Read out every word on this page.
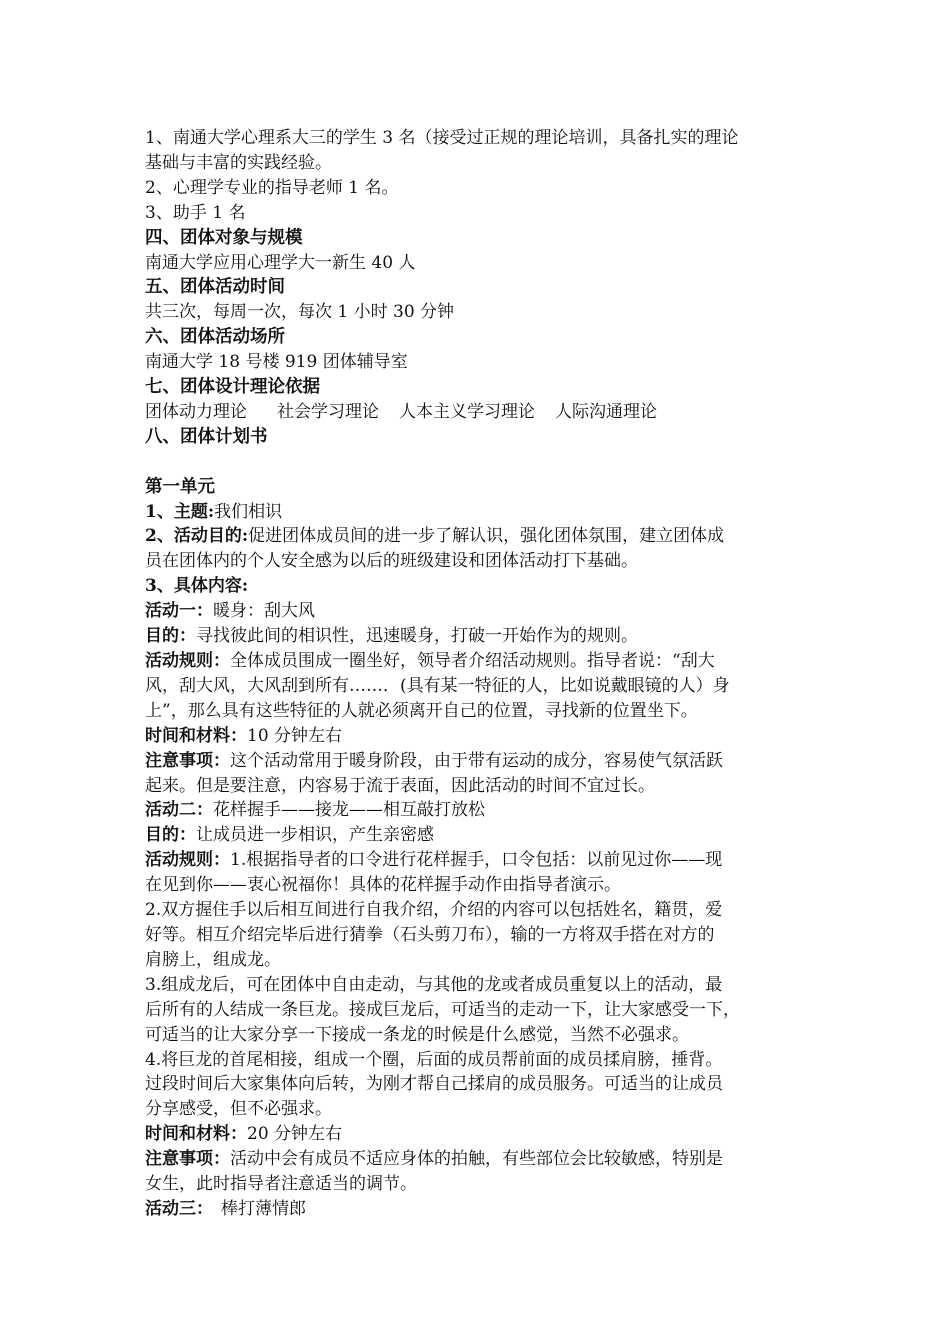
1、南通大学心理系大三的学生 3 名（接受过正规的理论培训，具备扎实的理论
基础与丰富的实践经验。
2、心理学专业的指导老师 1 名。
3、助手 1 名
四、团体对象与规模
南通大学应用心理学大一新生 40 人
五、团体活动时间
共三次，每周一次，每次 1 小时 30 分钟
六、团体活动场所
南通大学 18 号楼 919 团体辅导室
七、团体设计理论依据
团体动力理论 社会学习理论 人本主义学习理论 人际沟通理论
八、团体计划书
第一单元
1、主题:我们相识
2、活动目的:促进团体成员间的进一步了解认识，强化团体氛围，建立团体成
员在团体内的个人安全感为以后的班级建设和团体活动打下基础。
3、具体内容:
活动一：暖身：刮大风
目的：寻找彼此间的相识性，迅速暖身，打破一开始作为的规则。
活动规则：全体成员围成一圈坐好，领导者介绍活动规则。指导者说：“刮大
风，刮大风，大风刮到所有……．(具有某一特征的人，比如说戴眼镜的人）身
上”，那么具有这些特征的人就必须离开自己的位置，寻找新的位置坐下。
时间和材料：10 分钟左右
注意事项：这个活动常用于暖身阶段，由于带有运动的成分，容易使气氛活跃
起来。但是要注意，内容易于流于表面，因此活动的时间不宜过长。
活动二：花样握手——接龙——相互敲打放松
目的：让成员进一步相识，产生亲密感
活动规则：1.根据指导者的口令进行花样握手，口令包括：以前见过你——现
在见到你——衷心祝福你！具体的花样握手动作由指导者演示。
2.双方握住手以后相互间进行自我介绍，介绍的内容可以包括姓名，籍贯，爱
好等。相互介绍完毕后进行猜拳（石头剪刀布），输的一方将双手搭在对方的
肩膀上，组成龙。
3.组成龙后，可在团体中自由走动，与其他的龙或者成员重复以上的活动，最
后所有的人结成一条巨龙。接成巨龙后，可适当的走动一下，让大家感受一下，
可适当的让大家分享一下接成一条龙的时候是什么感觉，当然不必强求。
4.将巨龙的首尾相接，组成一个圈，后面的成员帮前面的成员揉肩膀，捶背。
过段时间后大家集体向后转，为刚才帮自己揉肩的成员服务。可适当的让成员
分享感受，但不必强求。
时间和材料：20 分钟左右
注意事项：活动中会有成员不适应身体的拍触，有些部位会比较敏感，特别是
女生，此时指导者注意适当的调节。
活动三： 棒打薄情郎
